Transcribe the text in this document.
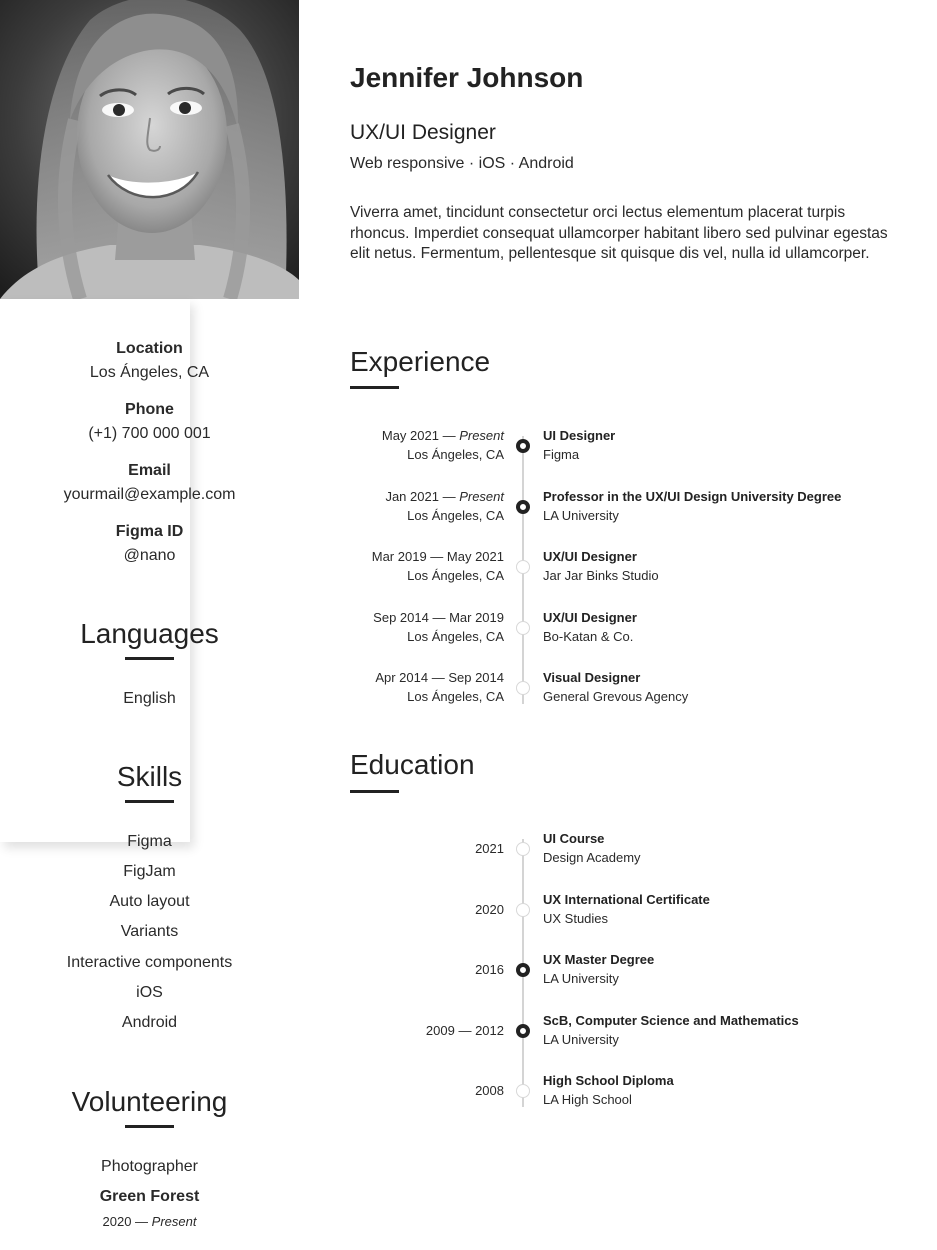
Location
Los Ángeles, CA
Phone
(+1) 700 000 001
Email
yourmail@example.com
Figma ID
@nano
Languages
English
Skills
Figma
FigJam
Auto layout
Variants
Interactive components
iOS
Android
Volunteering
Photographer
Green Forest
2020 — Present
Jennifer Johnson
UX/UI Designer
Web responsive · iOS · Android
Viverra amet, tincidunt consectetur orci lectus elementum placerat turpis rhoncus. Imperdiet consequat ullamcorper habitant libero sed pulvinar egestas elit netus. Fermentum, pellentesque sit quisque dis vel, nulla id ullamcorper.
Experience
May 2021 — Present
Los Ángeles, CA
UI Designer
Figma
Jan 2021 — Present
Los Ángeles, CA
Professor in the UX/UI Design University Degree
LA University
Mar 2019 — May 2021
Los Ángeles, CA
UX/UI Designer
Jar Jar Binks Studio
Sep 2014 — Mar 2019
Los Ángeles, CA
UX/UI Designer
Bo-Katan & Co.
Apr 2014 — Sep 2014
Los Ángeles, CA
Visual Designer
General Grevous Agency
Education
2021
UI Course
Design Academy
2020
UX International Certificate
UX Studies
2016
UX Master Degree
LA University
2009 — 2012
ScB, Computer Science and Mathematics
LA University
2008
High School Diploma
LA High School
